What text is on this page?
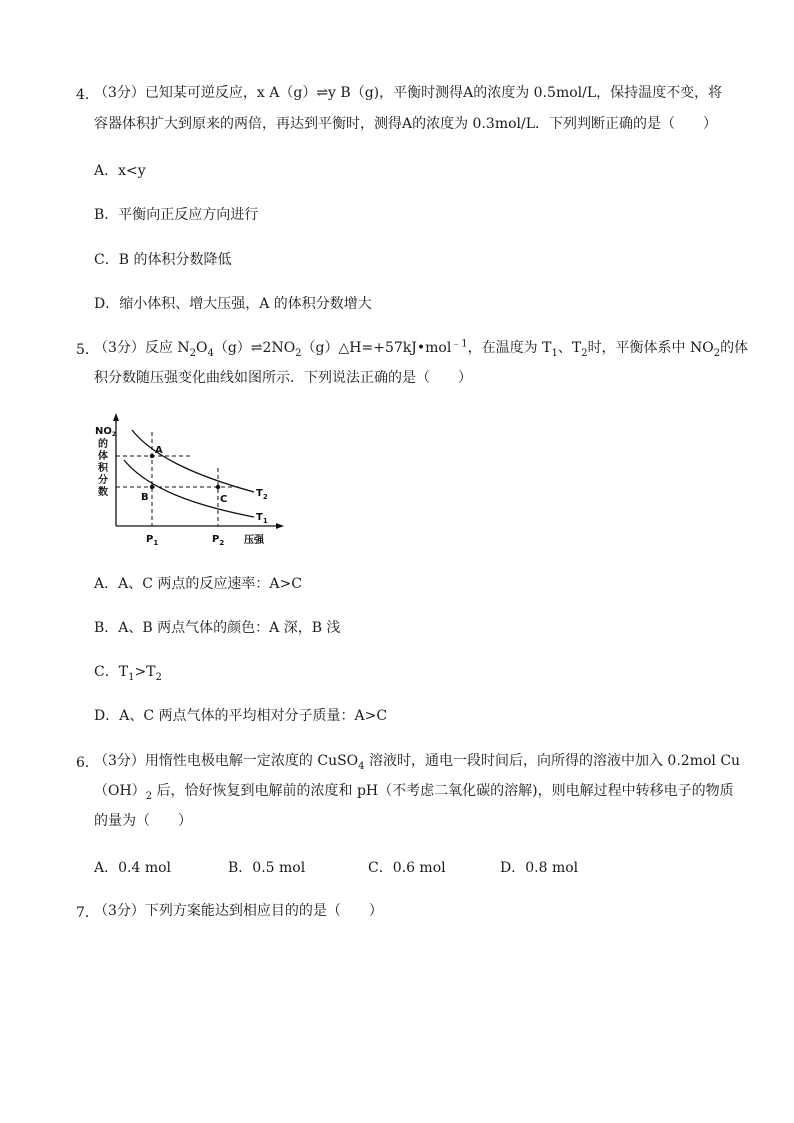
4．
（3分）已知某可逆反应，x A（g）⇌y B（g)，平衡时测得A的浓度为 0.5mol/L，保持温度不变，将
容器体积扩大到原来的两倍，再达到平衡时，测得A的浓度为 0.3mol/L．下列判断正确的是（　　）
A．x<y
B．平衡向正反应方向进行
C．B 的体积分数降低
D．缩小体积、增大压强，A 的体积分数增大
5．
（3分）反应 $N_2O_4(g)\rightleftharpoons 2NO_2(g)\triangle H=+57kJ•mol^{﹣1}$，在温度为 $T_1$、$T_2$时，平衡体系中 $NO_2$的体
积分数随压强变化曲线如图所示．下列说法正确的是（　　）
A
B	C
$T_2$
$T_1$
$NO_2$
的
体
积
分
数
$P_1$	$P_2$ 压强
A．A、C 两点的反应速率：A>C
B．A、B 两点气体的颜色：A 深，B 浅
C．$T_1>T_2$
D．A、C 两点气体的平均相对分子质量：A>C
6．
（3分）用惰性电极电解一定浓度的 CuSO$_4$ 溶液时，通电一段时间后，向所得的溶液中加入 0.2mol Cu
$(OH)_2$ 后，恰好恢复到电解前的浓度和 pH（不考虑二氧化碳的溶解)，则电解过程中转移电子的物质
的量为（　　）
A．0.4 mol	B．0.5 mol	C．0.6 mol	D．0.8 mol
7．
（3分）下列方案能达到相应目的的是（　　）
